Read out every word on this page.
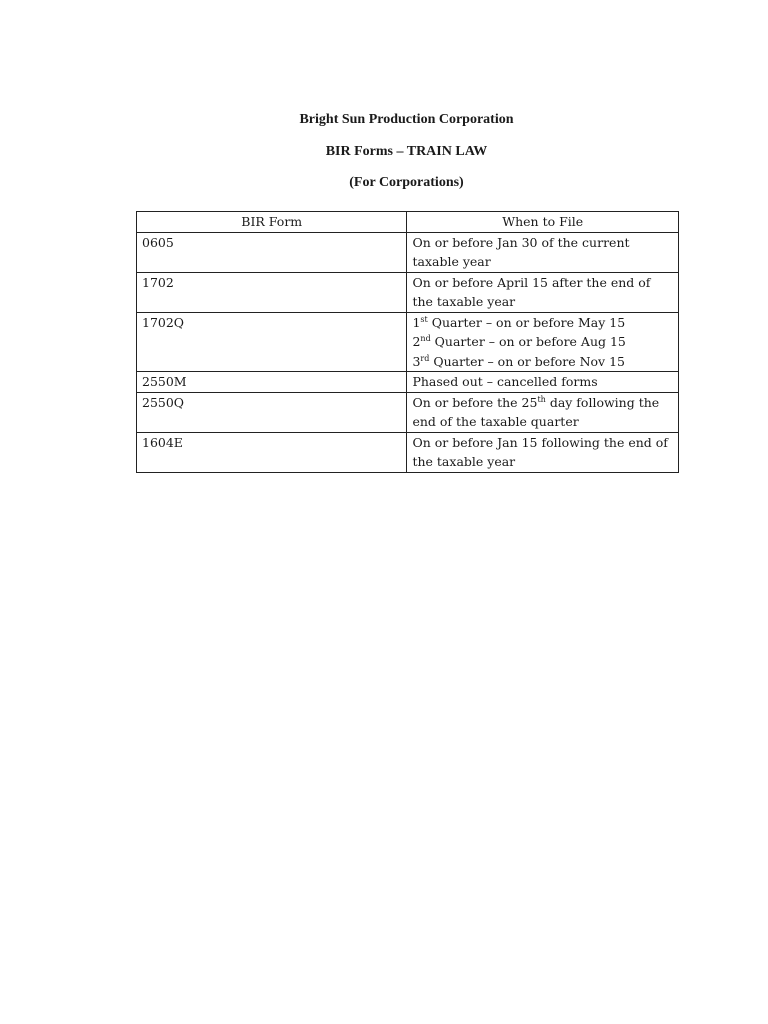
Bright Sun Production Corporation
BIR Forms – TRAIN LAW
(For Corporations)
BIR Form	When to File
0605	On or before Jan 30 of the current taxable year
1702	On or before April 15 after the end of the taxable year
1702Q	1st Quarter – on or before May 15
2nd Quarter – on or before Aug 15
3rd Quarter – on or before Nov 15

2550M	Phased out – cancelled forms
2550Q	On or before the 25th day following the end of the taxable quarter
1604E	On or before Jan 15 following the end of the taxable year
